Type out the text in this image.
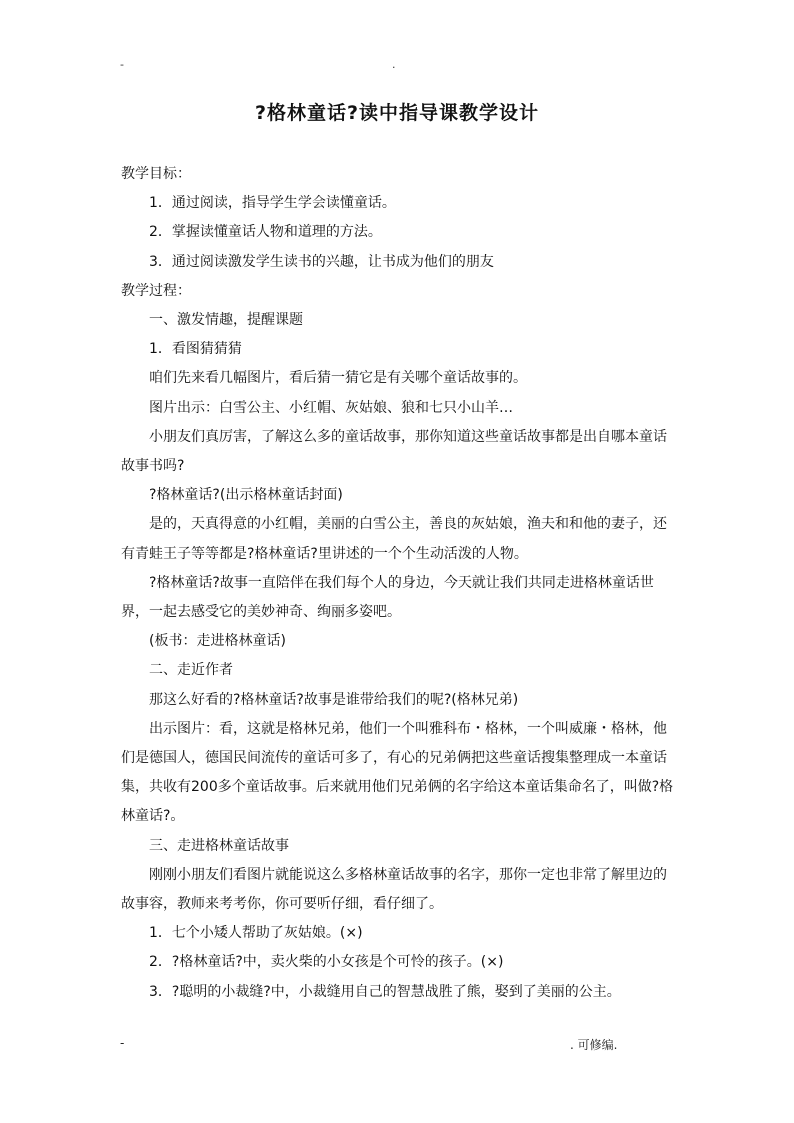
-	.
?格林童话?读中指导课教学设计

教学目标：

1．通过阅读，指导学生学会读懂童话。

2．掌握读懂童话人物和道理的方法。

3．通过阅读激发学生读书的兴趣，让书成为他们的朋友

教学过程：

一、激发情趣，提醒课题

1．看图猜猜猜

咱们先来看几幅图片，看后猜一猜它是有关哪个童话故事的。

图片出示：白雪公主、小红帽、灰姑娘、狼和七只小山羊…

小朋友们真厉害，了解这么多的童话故事，那你知道这些童话故事都是出自哪本童话故事书吗?

?格林童话?(出示格林童话封面)

是的，天真得意的小红帽，美丽的白雪公主，善良的灰姑娘，渔夫和和他的妻子，还有青蛙王子等等都是?格林童话?里讲述的一个个生动活泼的人物。

?格林童话?故事一直陪伴在我们每个人的身边，今天就让我们共同走进格林童话世界，一起去感受它的美妙神奇、绚丽多姿吧。

(板书：走进格林童话)

二、走近作者

那这么好看的?格林童话?故事是谁带给我们的呢?(格林兄弟)

出示图片：看，这就是格林兄弟，他们一个叫雅科布・格林，一个叫威廉・格林，他们是德国人，德国民间流传的童话可多了，有心的兄弟俩把这些童话搜集整理成一本童话集，共收有200多个童话故事。后来就用他们兄弟俩的名字给这本童话集命名了，叫做?格林童话?。

三、走进格林童话故事

刚刚小朋友们看图片就能说这么多格林童话故事的名字，那你一定也非常了解里边的故事容，教师来考考你，你可要听仔细，看仔细了。

1．七个小矮人帮助了灰姑娘。(×)

2．?格林童话?中，卖火柴的小女孩是个可怜的孩子。(×)

3．?聪明的小裁缝?中，小裁缝用自己的智慧战胜了熊，娶到了美丽的公主。

-	. 可修编.
